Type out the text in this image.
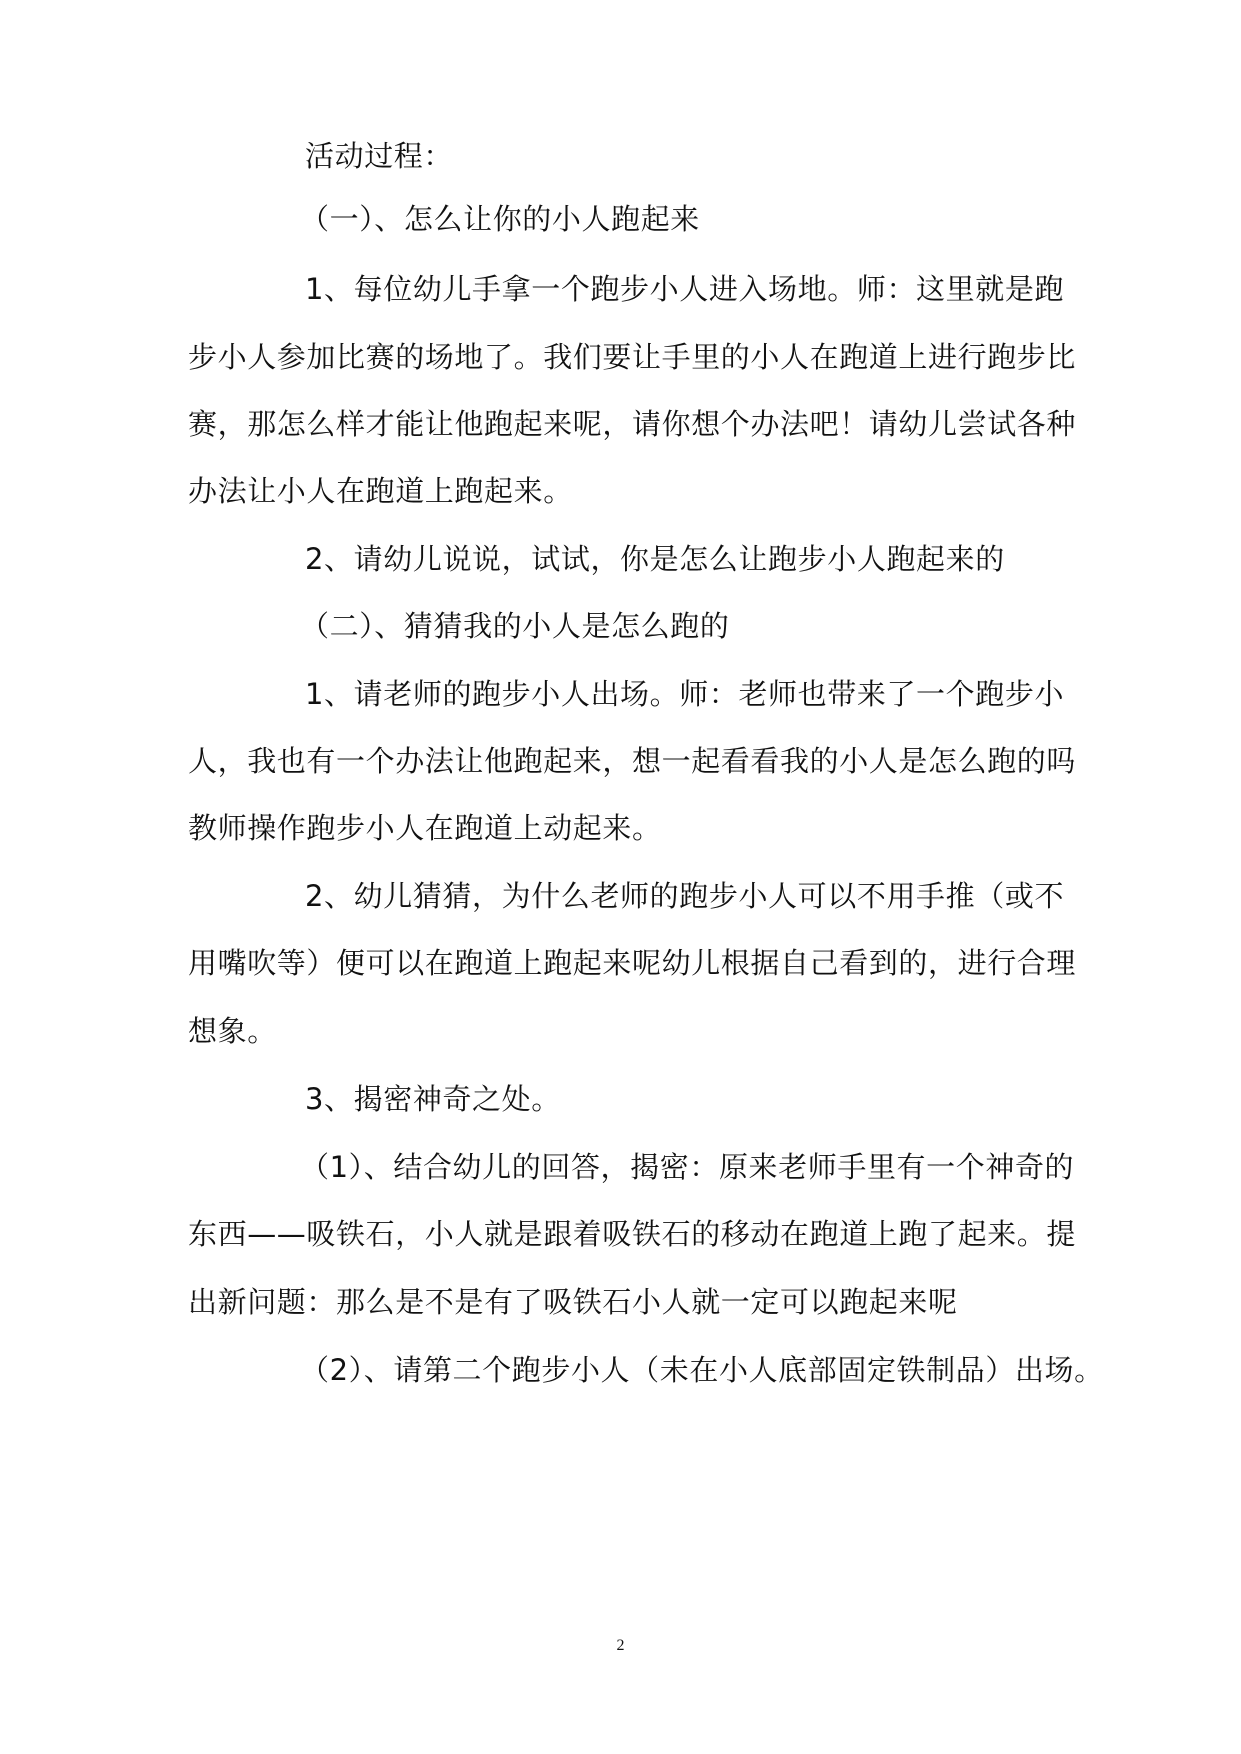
活动过程：
（一）、怎么让你的小人跑起来
1、每位幼儿手拿一个跑步小人进入场地。师：这里就是跑
步小人参加比赛的场地了。我们要让手里的小人在跑道上进行跑步比
赛，那怎么样才能让他跑起来呢，请你想个办法吧！请幼儿尝试各种
办法让小人在跑道上跑起来。
2、请幼儿说说，试试，你是怎么让跑步小人跑起来的
（二）、猜猜我的小人是怎么跑的
1、请老师的跑步小人出场。师：老师也带来了一个跑步小
人，我也有一个办法让他跑起来，想一起看看我的小人是怎么跑的吗
教师操作跑步小人在跑道上动起来。
2、幼儿猜猜，为什么老师的跑步小人可以不用手推（或不
用嘴吹等）便可以在跑道上跑起来呢幼儿根据自己看到的，进行合理
想象。
3、揭密神奇之处。
（1）、结合幼儿的回答，揭密：原来老师手里有一个神奇的
东西——吸铁石，小人就是跟着吸铁石的移动在跑道上跑了起来。提
出新问题：那么是不是有了吸铁石小人就一定可以跑起来呢
（2）、请第二个跑步小人（未在小人底部固定铁制品）出场。
2
